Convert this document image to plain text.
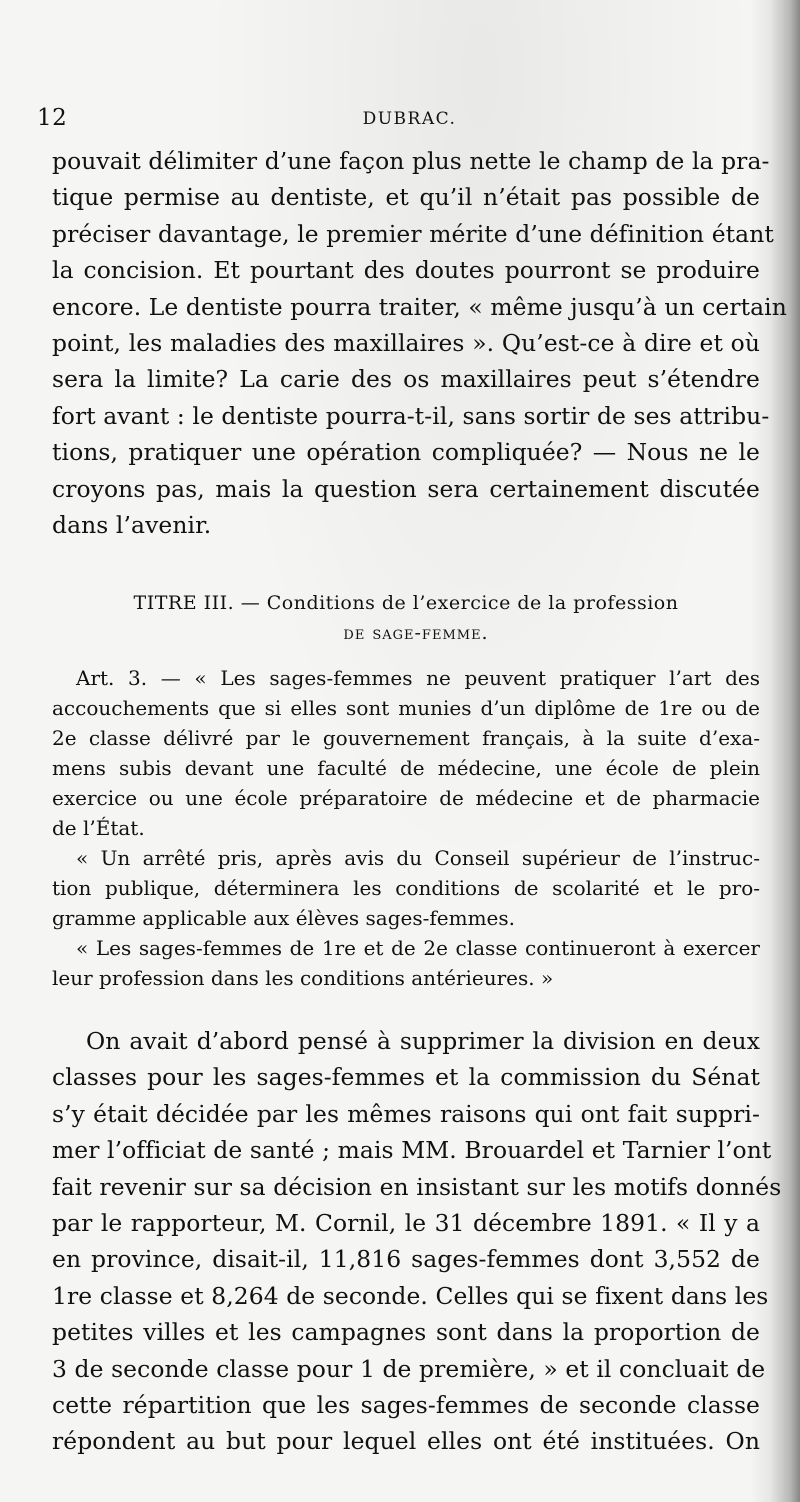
12	DUBRAC.
pouvait délimiter d’une façon plus nette le champ de la pra-
tique permise au dentiste, et qu’il n’était pas possible de
préciser davantage, le premier mérite d’une définition étant
la concision. Et pourtant des doutes pourront se produire
encore. Le dentiste pourra traiter, « même jusqu’à un certain
point, les maladies des maxillaires ». Qu’est-ce à dire et où
sera la limite? La carie des os maxillaires peut s’étendre
fort avant : le dentiste pourra-t-il, sans sortir de ses attribu-
tions, pratiquer une opération compliquée? — Nous ne le
croyons pas, mais la question sera certainement discutée
dans l’avenir.
TITRE III. — Conditions de l’exercice de la profession
de sage-femme.
Art. 3. — « Les sages-femmes ne peuvent pratiquer l’art des
accouchements que si elles sont munies d’un diplôme de 1re ou de
2e classe délivré par le gouvernement français, à la suite d’exa-
mens subis devant une faculté de médecine, une école de plein
exercice ou une école préparatoire de médecine et de pharmacie
de l’État.
« Un arrêté pris, après avis du Conseil supérieur de l’instruc-
tion publique, déterminera les conditions de scolarité et le pro-
gramme applicable aux élèves sages-femmes.
« Les sages-femmes de 1re et de 2e classe continueront à exercer
leur profession dans les conditions antérieures. »
On avait d’abord pensé à supprimer la division en deux
classes pour les sages-femmes et la commission du Sénat
s’y était décidée par les mêmes raisons qui ont fait suppri-
mer l’officiat de santé ; mais MM. Brouardel et Tarnier l’ont
fait revenir sur sa décision en insistant sur les motifs donnés
par le rapporteur, M. Cornil, le 31 décembre 1891. « Il y a
en province, disait-il, 11,816 sages-femmes dont 3,552 de
1re classe et 8,264 de seconde. Celles qui se fixent dans les
petites villes et les campagnes sont dans la proportion de
3 de seconde classe pour 1 de première, » et il concluait de
cette répartition que les sages-femmes de seconde classe
répondent au but pour lequel elles ont été instituées. On
